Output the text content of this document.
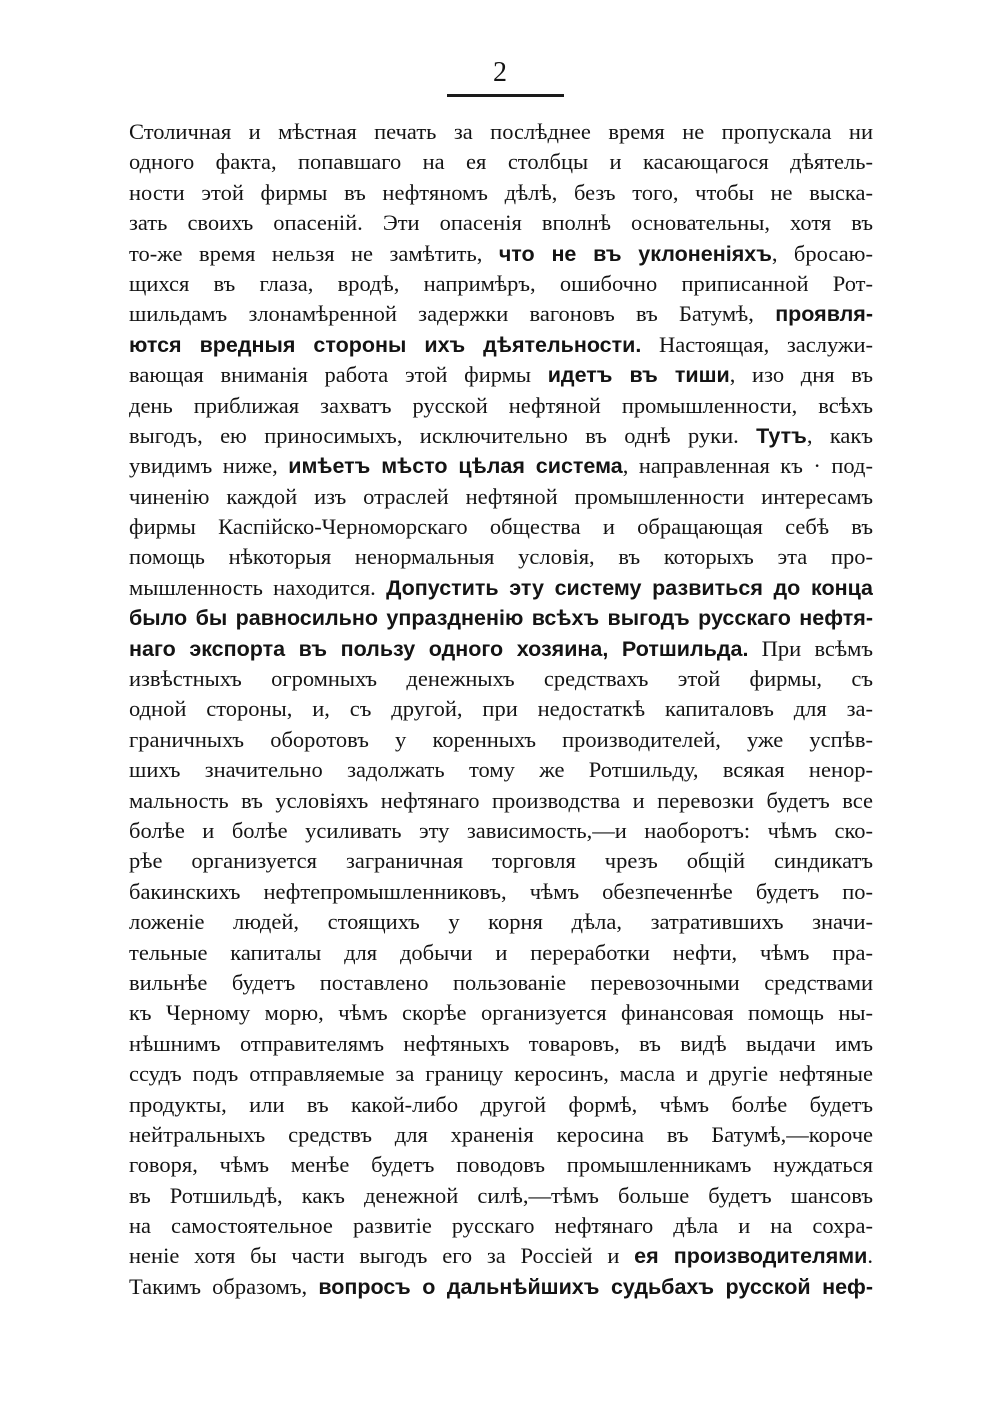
2
Столичная и мѣстная печать за послѣднее время не пропускала ни
одного факта, попавшаго на ея столбцы и касающагося дѣятель-
ности этой фирмы въ нефтяномъ дѣлѣ, безъ того, чтобы не выска-
зать своихъ опасеній. Эти опасенія вполнѣ основательны, хотя въ
то-же время нельзя не замѣтить, что не въ уклоненіяхъ, бросаю-
щихся въ глаза, вродѣ, напримѣръ, ошибочно приписанной Рот-
шильдамъ злонамѣренной задержки вагоновъ въ Батумѣ, проявля-
ются вредныя стороны ихъ дѣятельности. Настоящая, заслужи-
вающая вниманія работа этой фирмы идетъ въ тиши, изо дня въ
день приближая захватъ русской нефтяной промышленности, всѣхъ
выгодъ, ею приносимыхъ, исключительно въ однѣ руки. Тутъ, какъ
увидимъ ниже, имѣетъ мѣсто цѣлая система, направленная къ · под-
чиненію каждой изъ отраслей нефтяной промышленности интересамъ
фирмы Каспійско-Черноморскаго общества и обращающая себѣ въ
помощь нѣкоторыя ненормальныя условія, въ которыхъ эта про-
мышленность находится. Допустить эту систему развиться до конца
было бы равносильно упраздненію всѣхъ выгодъ русскаго нефтя-
наго экспорта въ пользу одного хозяина, Ротшильда. При всѣмъ
извѣстныхъ огромныхъ денежныхъ средствахъ этой фирмы, съ
одной стороны, и, съ другой, при недостаткѣ капиталовъ для за-
граничныхъ оборотовъ у коренныхъ производителей, уже успѣв-
шихъ значительно задолжать тому же Ротшильду, всякая ненор-
мальность въ условіяхъ нефтянаго производства и перевозки будетъ все
болѣе и болѣе усиливать эту зависимость,—и наоборотъ: чѣмъ ско-
рѣе организуется заграничная торговля чрезъ общій синдикатъ
бакинскихъ нефтепромышленниковъ, чѣмъ обезпеченнѣе будетъ по-
ложеніе людей, стоящихъ у корня дѣла, затратившихъ значи-
тельные капиталы для добычи и переработки нефти, чѣмъ пра-
вильнѣе будетъ поставлено пользованіе перевозочными средствами
къ Черному морю, чѣмъ скорѣе организуется финансовая помощь ны-
нѣшнимъ отправителямъ нефтяныхъ товаровъ, въ видѣ выдачи имъ
ссудъ подъ отправляемые за границу керосинъ, масла и другіе нефтяные
продукты, или въ какой-либо другой формѣ, чѣмъ болѣе будетъ
нейтральныхъ средствъ для храненія керосина въ Батумѣ,—короче
говоря, чѣмъ менѣе будетъ поводовъ промышленникамъ нуждаться
въ Ротшильдѣ, какъ денежной силѣ,—тѣмъ больше будетъ шансовъ
на самостоятельное развитіе русскаго нефтянаго дѣла и на сохра-
неніе хотя бы части выгодъ его за Россіей и ея производителями.
Такимъ образомъ, вопросъ о дальнѣйшихъ судьбахъ русской неф-
